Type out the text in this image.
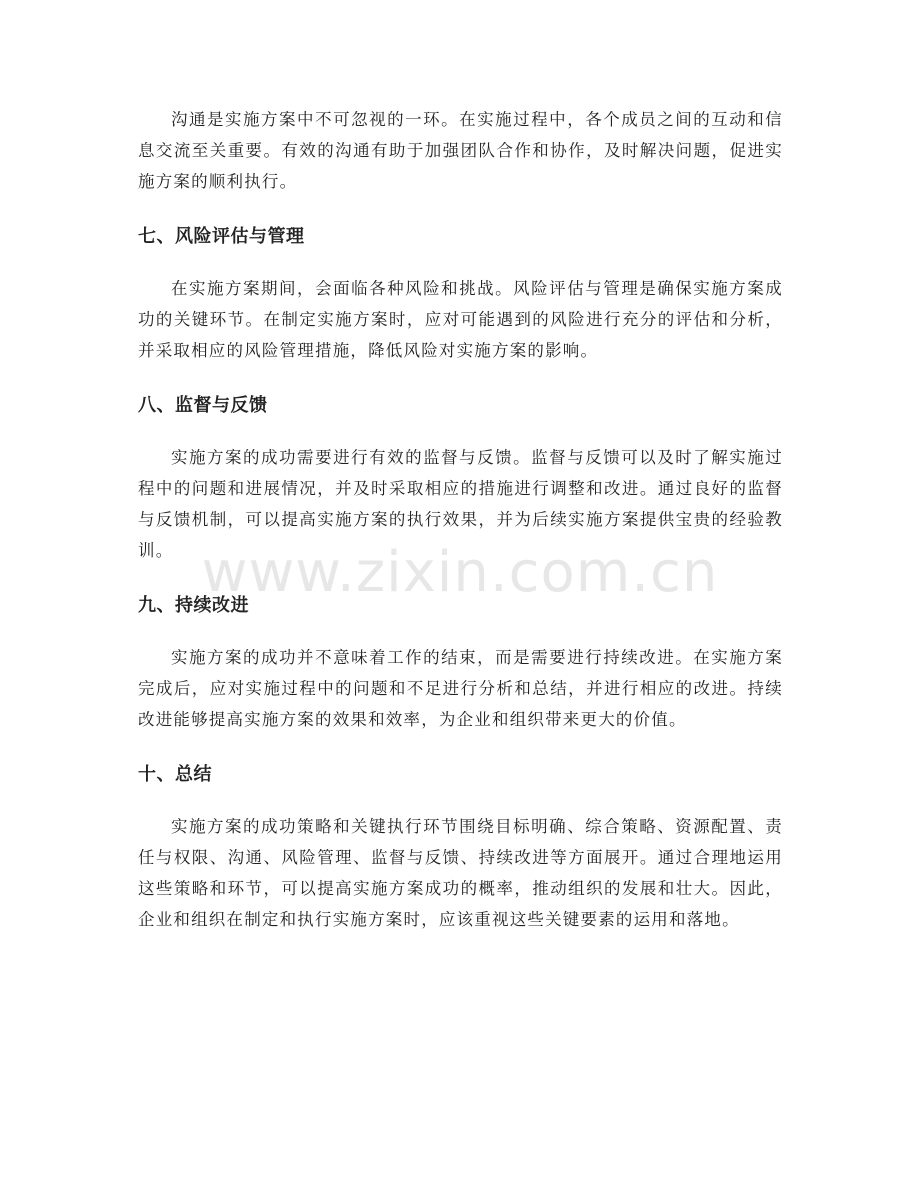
沟通是实施方案中不可忽视的一环。在实施过程中，各个成员之间的互动和信息交流至关重要。有效的沟通有助于加强团队合作和协作，及时解决问题，促进实施方案的顺利执行。

七、风险评估与管理

在实施方案期间，会面临各种风险和挑战。风险评估与管理是确保实施方案成功的关键环节。在制定实施方案时，应对可能遇到的风险进行充分的评估和分析，并采取相应的风险管理措施，降低风险对实施方案的影响。

八、监督与反馈

实施方案的成功需要进行有效的监督与反馈。监督与反馈可以及时了解实施过程中的问题和进展情况，并及时采取相应的措施进行调整和改进。通过良好的监督与反馈机制，可以提高实施方案的执行效果，并为后续实施方案提供宝贵的经验教训。

九、持续改进

实施方案的成功并不意味着工作的结束，而是需要进行持续改进。在实施方案完成后，应对实施过程中的问题和不足进行分析和总结，并进行相应的改进。持续改进能够提高实施方案的效果和效率，为企业和组织带来更大的价值。

十、总结

实施方案的成功策略和关键执行环节围绕目标明确、综合策略、资源配置、责任与权限、沟通、风险管理、监督与反馈、持续改进等方面展开。通过合理地运用这些策略和环节，可以提高实施方案成功的概率，推动组织的发展和壮大。因此，企业和组织在制定和执行实施方案时，应该重视这些关键要素的运用和落地。

www.zixin.com.cn
